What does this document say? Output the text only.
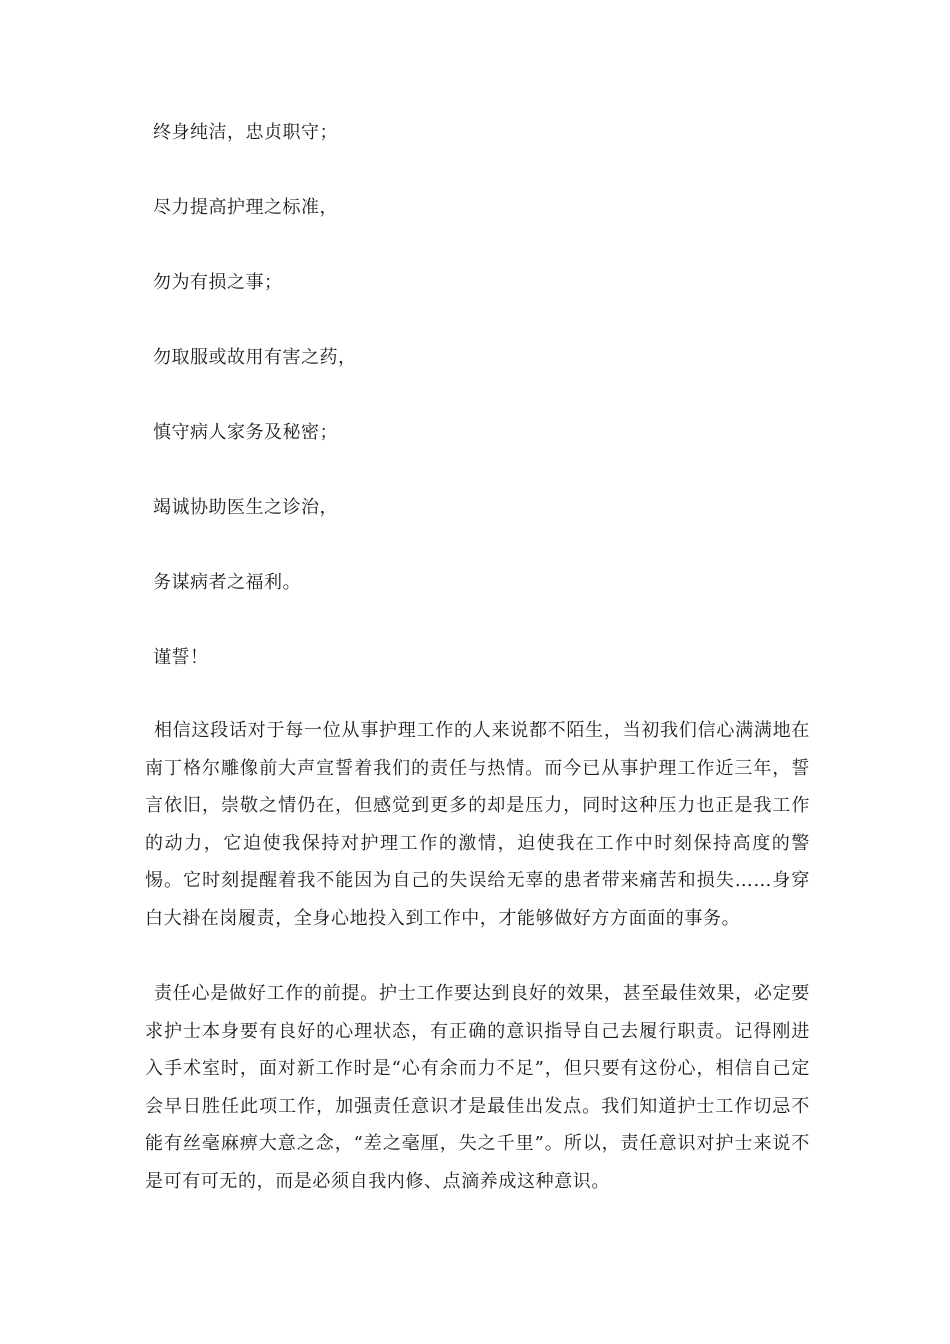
终身纯洁，忠贞职守；
尽力提高护理之标准，
勿为有损之事；
勿取服或故用有害之药，
慎守病人家务及秘密；
竭诚协助医生之诊治，
务谋病者之福利。
谨誓！

相信这段话对于每一位从事护理工作的人来说都不陌生，当初我们信心满满地在南丁格尔雕像前大声宣誓着我们的责任与热情。而今已从事护理工作近三年，誓言依旧，崇敬之情仍在，但感觉到更多的却是压力，同时这种压力也正是我工作的动力，它迫使我保持对护理工作的激情，迫使我在工作中时刻保持高度的警惕。它时刻提醒着我不能因为自己的失误给无辜的患者带来痛苦和损失……身穿白大褂在岗履责，全身心地投入到工作中，才能够做好方方面面的事务。

责任心是做好工作的前提。护士工作要达到良好的效果，甚至最佳效果，必定要求护士本身要有良好的心理状态，有正确的意识指导自己去履行职责。记得刚进入手术室时，面对新工作时是“心有余而力不足”，但只要有这份心，相信自己定会早日胜任此项工作，加强责任意识才是最佳出发点。我们知道护士工作切忌不能有丝毫麻痹大意之念，“差之毫厘，失之千里”。所以，责任意识对护士来说不是可有可无的，而是必须自我内修、点滴养成这种意识。
